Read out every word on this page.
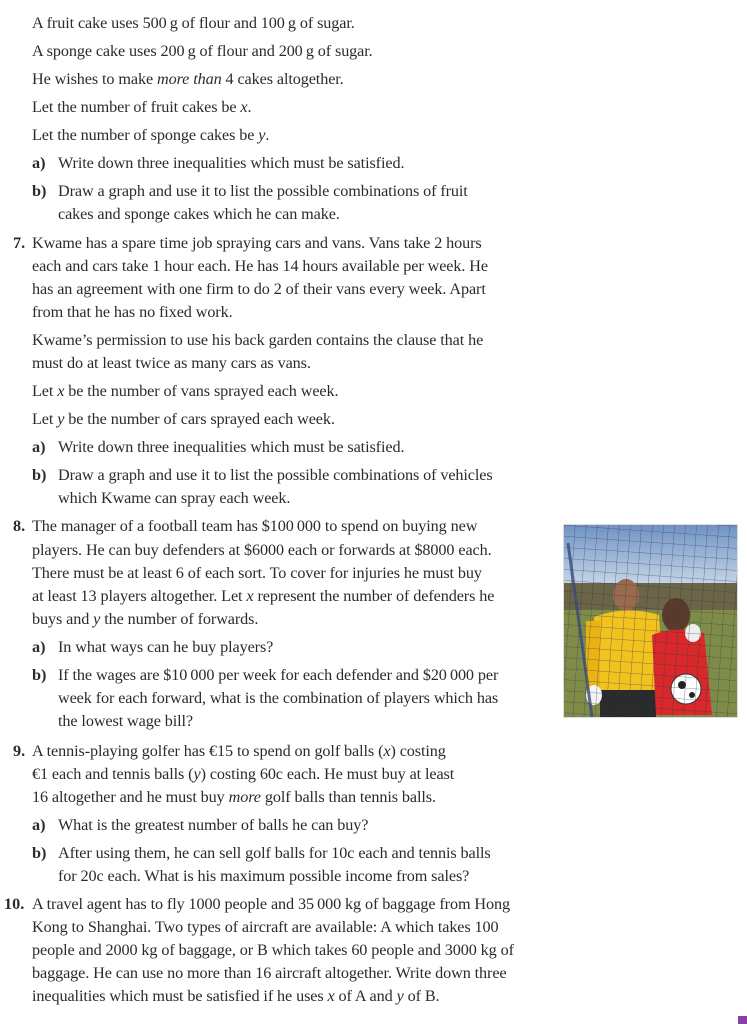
A fruit cake uses 500 g of flour and 100 g of sugar.
A sponge cake uses 200 g of flour and 200 g of sugar.
He wishes to make more than 4 cakes altogether.
Let the number of fruit cakes be x.
Let the number of sponge cakes be y.
a) Write down three inequalities which must be satisfied.
b) Draw a graph and use it to list the possible combinations of fruit
cakes and sponge cakes which he can make.
7. Kwame has a spare time job spraying cars and vans. Vans take 2 hours
each and cars take 1 hour each. He has 14 hours available per week. He
has an agreement with one firm to do 2 of their vans every week. Apart
from that he has no fixed work.
Kwame’s permission to use his back garden contains the clause that he
must do at least twice as many cars as vans.
Let x be the number of vans sprayed each week.
Let y be the number of cars sprayed each week.
a) Write down three inequalities which must be satisfied.
b) Draw a graph and use it to list the possible combinations of vehicles
which Kwame can spray each week.
8. The manager of a football team has $100 000 to spend on buying new
players. He can buy defenders at $6000 each or forwards at $8000 each.
There must be at least 6 of each sort. To cover for injuries he must buy
at least 13 players altogether. Let x represent the number of defenders he
buys and y the number of forwards.
a) In what ways can he buy players?
b) If the wages are $10 000 per week for each defender and $20 000 per
week for each forward, what is the combination of players which has
the lowest wage bill?
9. A tennis-playing golfer has €15 to spend on golf balls (x) costing
€1 each and tennis balls (y) costing 60c each. He must buy at least
16 altogether and he must buy more golf balls than tennis balls.
a) What is the greatest number of balls he can buy?
b) After using them, he can sell golf balls for 10c each and tennis balls
for 20c each. What is his maximum possible income from sales?
10. A travel agent has to fly 1000 people and 35 000 kg of baggage from Hong
Kong to Shanghai. Two types of aircraft are available: A which takes 100
people and 2000 kg of baggage, or B which takes 60 people and 3000 kg of
baggage. He can use no more than 16 aircraft altogether. Write down three
inequalities which must be satisfied if he uses x of A and y of B.
